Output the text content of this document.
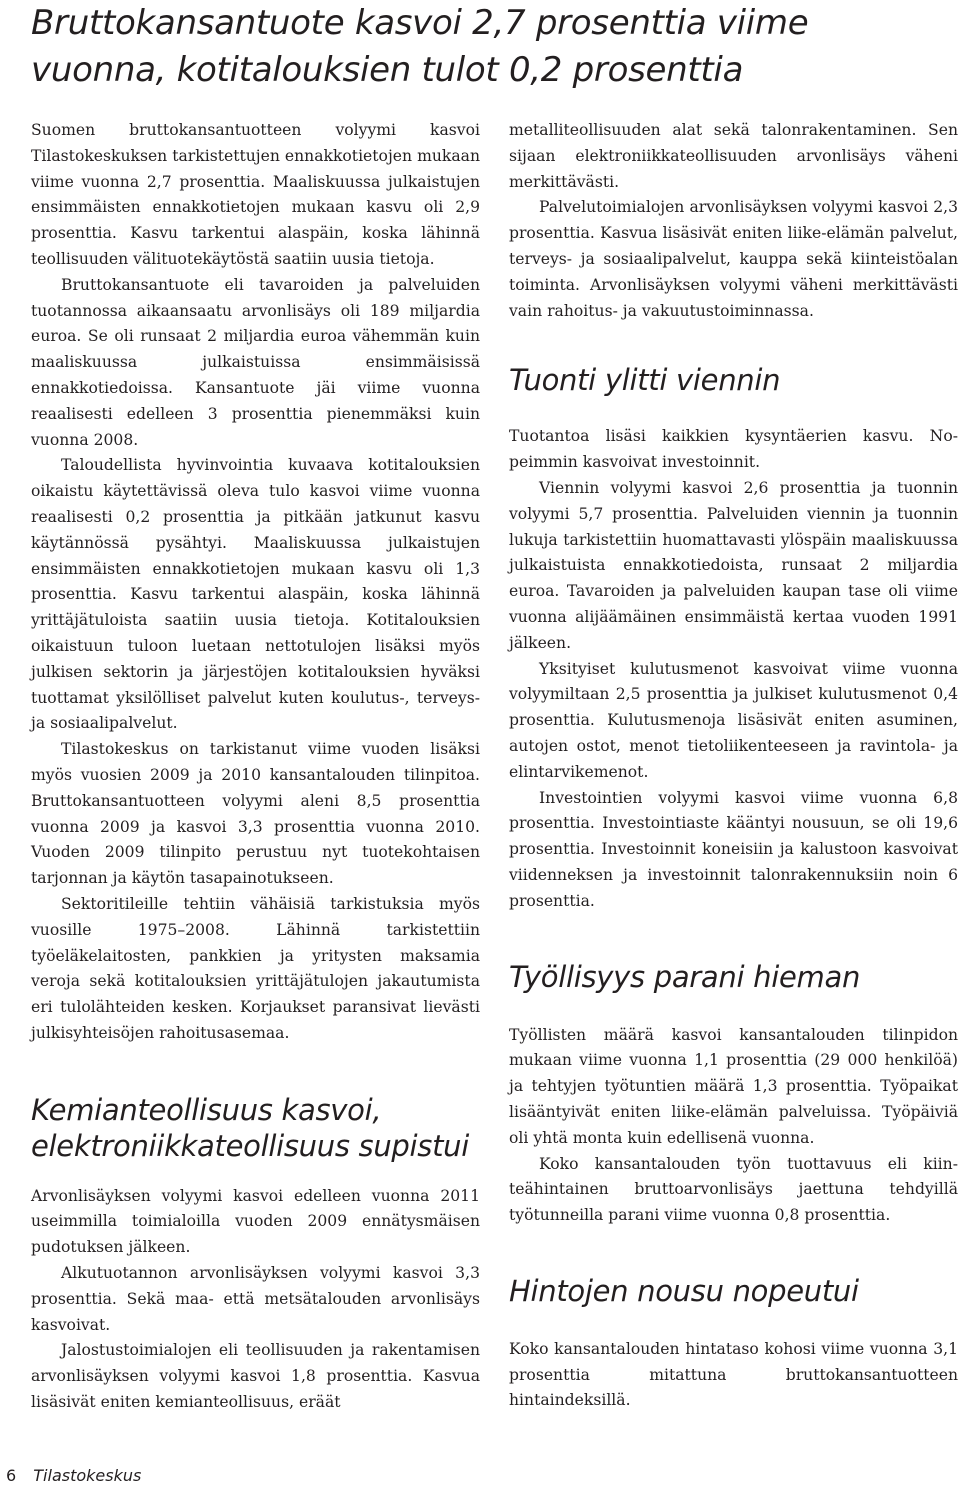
Bruttokansantuote kasvoi 2,7 prosenttia viime vuonna, kotitalouksien tulot 0,2 prosenttia

Suomen bruttokansantuotteen volyymi kasvoi Tilastokeskuksen tarkistettujen ennakkotietojen mukaan viime vuonna 2,7 prosenttia. Maaliskuussa julkaistujen ensimmäisten ennakkotietojen mukaan kasvu oli 2,9 prosenttia. Kasvu tarkentui alaspäin, koska lähinnä teollisuuden välituotekäytöstä saatiin uusia tietoja.

Bruttokansantuote eli tavaroiden ja palveluiden tuotannossa aikaansaatu arvonlisäys oli 189 miljardia euroa. Se oli runsaat 2 miljardia euroa vähemmän kuin maaliskuussa julkaistuissa ensimmäisissä ennakkotiedoissa. Kansantuote jäi viime vuonna reaalisesti edelleen 3 prosenttia pienemmäksi kuin vuonna 2008.

Taloudellista hyvinvointia kuvaava kotitalouksien oikaistu käytettävissä oleva tulo kasvoi viime vuonna reaalisesti 0,2 prosenttia ja pitkään jatkunut kasvu käytännössä pysähtyi. Maaliskuussa julkaistujen ensimmäisten ennakkotietojen mukaan kasvu oli 1,3 prosenttia. Kasvu tarkentui alaspäin, koska lähinnä yrittäjätuloista saatiin uusia tietoja. Kotitalouksien oikaistuun tuloon luetaan nettotulojen lisäksi myös julkisen sektorin ja järjestöjen kotitalouksien hyväksi tuottamat yksilölliset palvelut kuten koulutus-, terveys- ja sosiaalipalvelut.

Tilastokeskus on tarkistanut viime vuoden lisäksi myös vuosien 2009 ja 2010 kansantalouden tilinpitoa. Bruttokansantuotteen volyymi aleni 8,5 prosenttia vuonna 2009 ja kasvoi 3,3 prosenttia vuonna 2010. Vuoden 2009 tilinpito perustuu nyt tuotekohtaisen tarjonnan ja käytön tasapainotukseen.

Sektoritileille tehtiin vähäisiä tarkistuksia myös vuosille 1975–2008. Lähinnä tarkistettiin työeläkelaitosten, pankkien ja yritysten maksamia veroja sekä kotitalouksien yrittäjätulojen jakautumista eri tulolähteiden kesken. Korjaukset paransivat lievästi julkisyhteisöjen rahoitusasemaa.

Kemianteollisuus kasvoi, elektroniikkateollisuus supistui

Arvonlisäyksen volyymi kasvoi edelleen vuonna 2011 useimmilla toimialoilla vuoden 2009 ennätysmäisen pudotuksen jälkeen.

Alkutuotannon arvonlisäyksen volyymi kasvoi 3,3 prosenttia. Sekä maa- että metsätalouden arvonlisäys kasvoivat.

Jalostustoimialojen eli teollisuuden ja rakentamisen arvonlisäyksen volyymi kasvoi 1,8 prosenttia. Kasvua lisäsivät eniten kemianteollisuus, eräät

metalliteollisuuden alat sekä talonrakentaminen. Sen sijaan elektroniikkateollisuuden arvonlisäys väheni merkittävästi.

Palvelutoimialojen arvonlisäyksen volyymi kasvoi 2,3 prosenttia. Kasvua lisäsivät eniten liike-elämän palvelut, terveys- ja sosiaalipalvelut, kauppa sekä kiinteistöalan toiminta. Arvonlisäyksen volyymi väheni merkittävästi vain rahoitus- ja vakuutustoiminnassa.

Tuonti ylitti viennin

Tuotantoa lisäsi kaikkien kysyntäerien kasvu. Nopeimmin kasvoivat investoinnit.

Viennin volyymi kasvoi 2,6 prosenttia ja tuonnin volyymi 5,7 prosenttia. Palveluiden viennin ja tuonnin lukuja tarkistettiin huomattavasti ylöspäin maaliskuussa julkaistuista ennakkotiedoista, runsaat 2 miljardia euroa. Tavaroiden ja palveluiden kaupan tase oli viime vuonna alijäämäinen ensimmäistä kertaa vuoden 1991 jälkeen.

Yksityiset kulutusmenot kasvoivat viime vuonna volyymiltaan 2,5 prosenttia ja julkiset kulutusmenot 0,4 prosenttia. Kulutusmenoja lisäsivät eniten asuminen, autojen ostot, menot tietoliikenteeseen ja ravintola- ja elintarvikemenot.

Investointien volyymi kasvoi viime vuonna 6,8 prosenttia. Investointiaste kääntyi nousuun, se oli 19,6 prosenttia. Investoinnit koneisiin ja kalustoon kasvoivat viidenneksen ja investoinnit talonrakennuksiin noin 6 prosenttia.

Työllisyys parani hieman

Työllisten määrä kasvoi kansantalouden tilinpidon mukaan viime vuonna 1,1 prosenttia (29 000 henkilöä) ja tehtyjen työtuntien määrä 1,3 prosenttia. Työpaikat lisääntyivät eniten liike-elämän palveluissa. Työpäiviä oli yhtä monta kuin edellisenä vuonna.

Koko kansantalouden työn tuottavuus eli kiinteähintainen bruttoarvonlisäys jaettuna tehdyillä työtunneilla parani viime vuonna 0,8 prosenttia.

Hintojen nousu nopeutui

Koko kansantalouden hintataso kohosi viime vuonna 3,1 prosenttia mitattuna bruttokansantuotteen hintaindeksillä.

6 Tilastokeskus
